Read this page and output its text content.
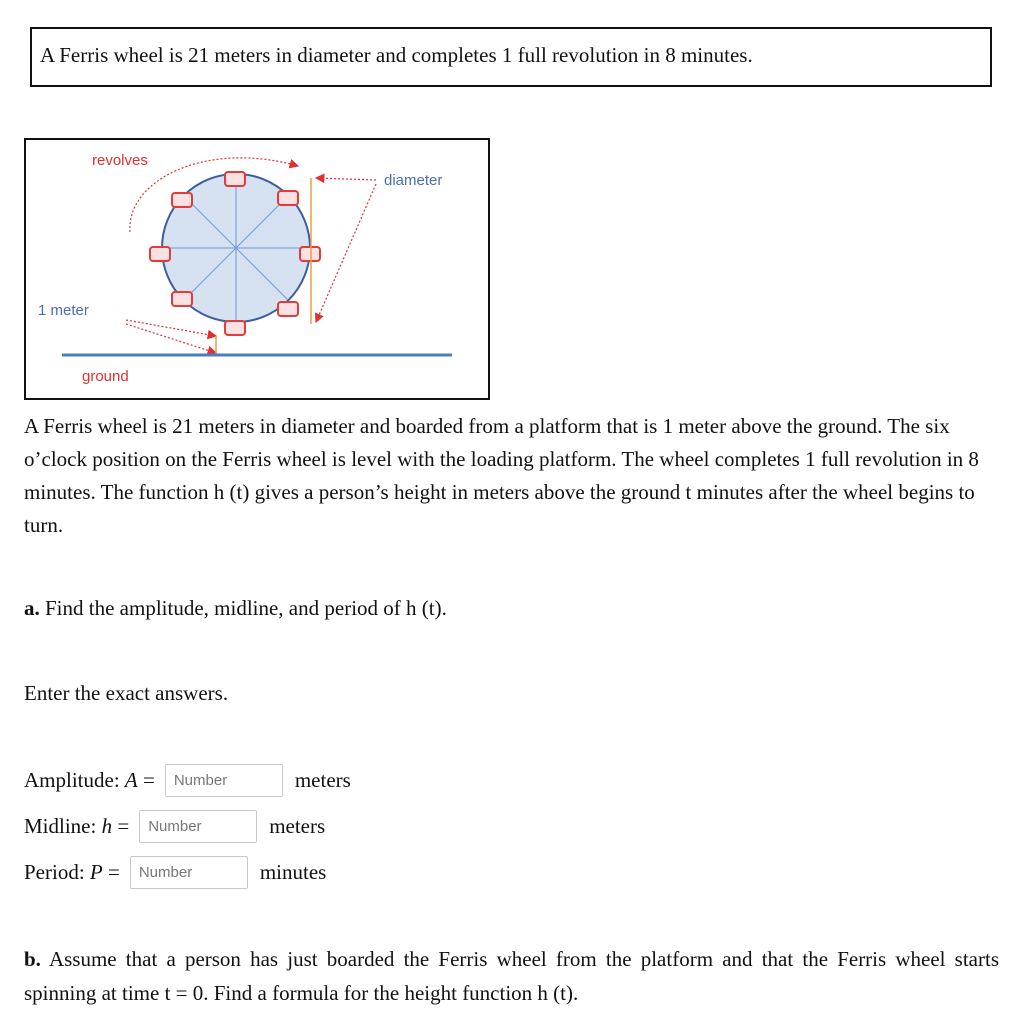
A Ferris wheel is 21 meters in diameter and completes 1 full revolution in 8 minutes.
revolves
diameter
1 meter
ground

A Ferris wheel is 21 meters in diameter and boarded from a platform that is 1 meter above the ground. The six o’clock position on the Ferris wheel is level with the loading platform. The wheel completes 1 full revolution in 8 minutes. The function h (t) gives a person’s height in meters above the ground t minutes after the wheel begins to turn.

a. Find the amplitude, midline, and period of h (t).

Enter the exact answers.

Amplitude:
A
=
Number	meters
Midline:
h
=
Number	meters
Period:
P
=
Number	minutes

b. Assume that a person has just boarded the Ferris wheel from the platform and that the Ferris wheel starts spinning at time t = 0. Find a formula for the height function h (t).
